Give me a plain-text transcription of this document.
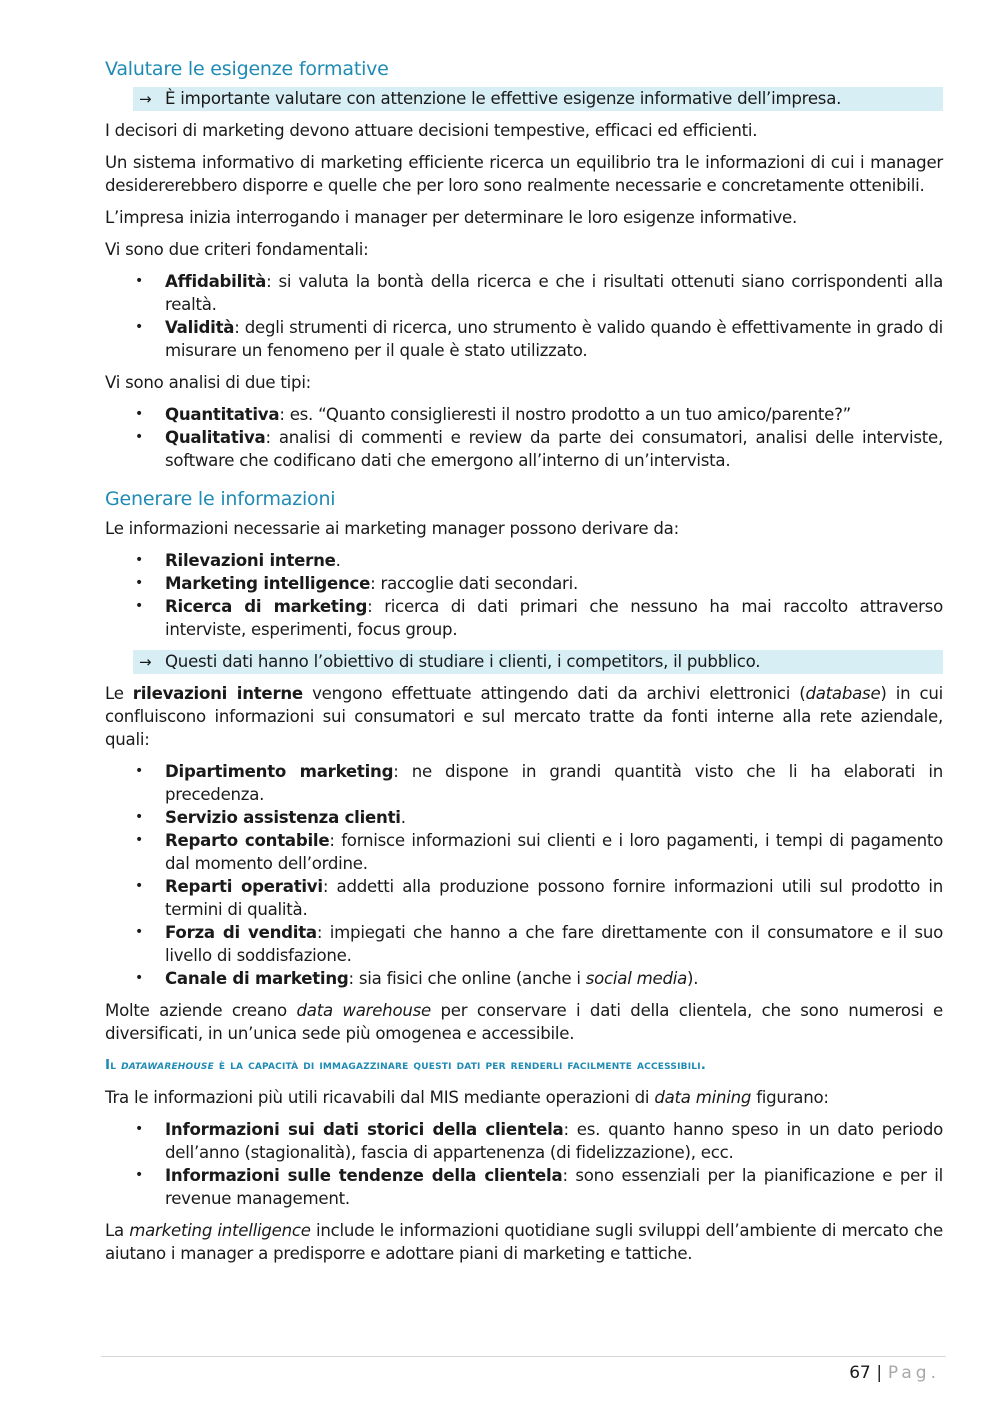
Valutare le esigenze formative
→ È importante valutare con attenzione le effettive esigenze informative dell’impresa.

I decisori di marketing devono attuare decisioni tempestive, efficaci ed efficienti.

Un sistema informativo di marketing efficiente ricerca un equilibrio tra le informazioni di cui i manager desidererebbero disporre e quelle che per loro sono realmente necessarie e concretamente ottenibili.

L’impresa inizia interrogando i manager per determinare le loro esigenze informative.

Vi sono due criteri fondamentali:

• Affidabilità: si valuta la bontà della ricerca e che i risultati ottenuti siano corrispondenti alla realtà.
• Validità: degli strumenti di ricerca, uno strumento è valido quando è effettivamente in grado di misurare un fenomeno per il quale è stato utilizzato.

Vi sono analisi di due tipi:

• Quantitativa: es. “Quanto consiglieresti il nostro prodotto a un tuo amico/parente?”
• Qualitativa: analisi di commenti e review da parte dei consumatori, analisi delle interviste, software che codificano dati che emergono all’interno di un’intervista.
Generare le informazioni

Le informazioni necessarie ai marketing manager possono derivare da:

• Rilevazioni interne.
• Marketing intelligence: raccoglie dati secondari.
• Ricerca di marketing: ricerca di dati primari che nessuno ha mai raccolto attraverso interviste, esperimenti, focus group.
→ Questi dati hanno l’obiettivo di studiare i clienti, i competitors, il pubblico.

Le rilevazioni interne vengono effettuate attingendo dati da archivi elettronici (database) in cui confluiscono informazioni sui consumatori e sul mercato tratte da fonti interne alla rete aziendale, quali:

• Dipartimento marketing: ne dispone in grandi quantità visto che li ha elaborati in precedenza.
• Servizio assistenza clienti.
• Reparto contabile: fornisce informazioni sui clienti e i loro pagamenti, i tempi di pagamento dal momento dell’ordine.
• Reparti operativi: addetti alla produzione possono fornire informazioni utili sul prodotto in termini di qualità.
• Forza di vendita: impiegati che hanno a che fare direttamente con il consumatore e il suo livello di soddisfazione.
• Canale di marketing: sia fisici che online (anche i social media).

Molte aziende creano data warehouse per conservare i dati della clientela, che sono numerosi e diversificati, in un’unica sede più omogenea e accessibile.

Il datawarehouse è la capacità di immagazzinare questi dati per renderli facilmente accessibili.

Tra le informazioni più utili ricavabili dal MIS mediante operazioni di data mining figurano:

• Informazioni sui dati storici della clientela: es. quanto hanno speso in un dato periodo dell’anno (stagionalità), fascia di appartenenza (di fidelizzazione), ecc.
• Informazioni sulle tendenze della clientela: sono essenziali per la pianificazione e per il revenue management.

La marketing intelligence include le informazioni quotidiane sugli sviluppi dell’ambiente di mercato che aiutano i manager a predisporre e adottare piani di marketing e tattiche.

67 | Pag.
